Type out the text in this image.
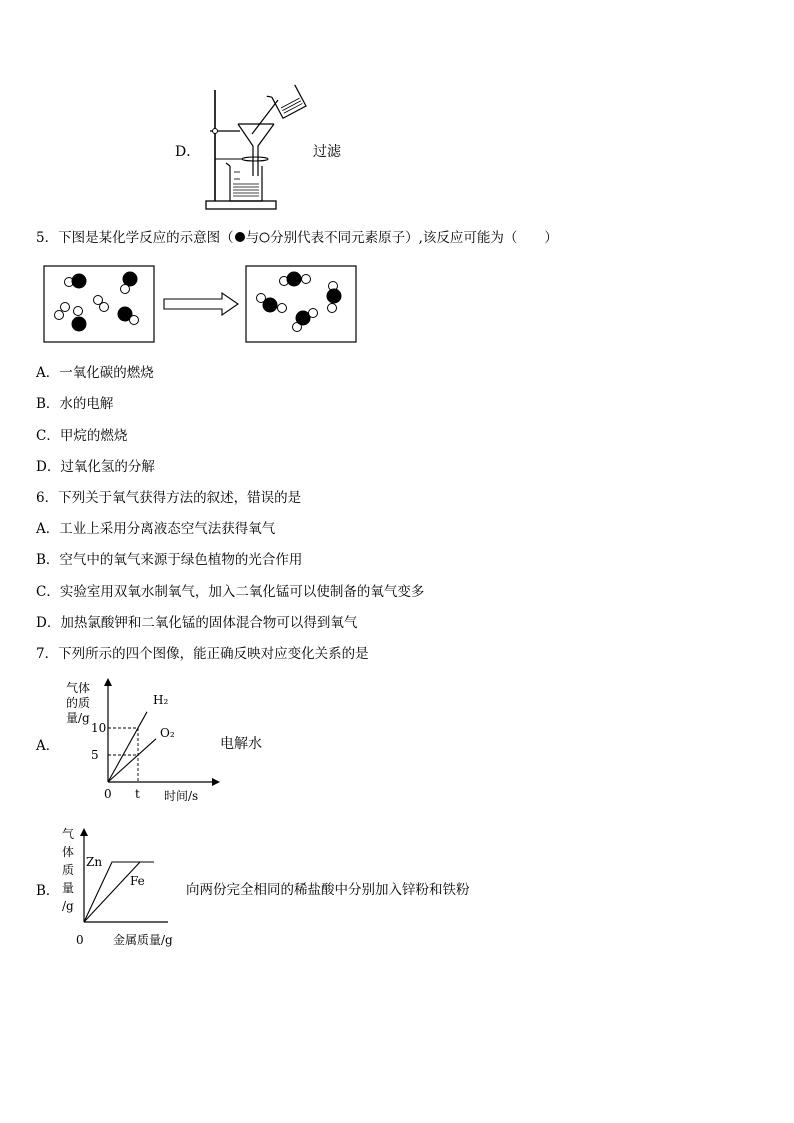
D．	过滤
5．下图是某化学反应的示意图（ 与 分别代表不同元素原子）,该反应可能为（　　）
A．一氧化碳的燃烧
B．水的电解
C．甲烷的燃烧
D．过氧化氢的分解
6．下列关于氧气获得方法的叙述，错误的是
A．工业上采用分离液态空气法获得氧气
B．空气中的氧气来源于绿色植物的光合作用
C．实验室用双氧水制氧气，加入二氧化锰可以使制备的氧气变多
D．加热氯酸钾和二氧化锰的固体混合物可以得到氧气
7．下列所示的四个图像，能正确反映对应变化关系的是
A．
气体
的质
量/g
时间/s
0 t
5
10
H₂
O₂
电解水
B．
气
体
质
量
/g
金属质量/g
0
Zn
Fe
向两份完全相同的稀盐酸中分别加入锌粉和铁粉
